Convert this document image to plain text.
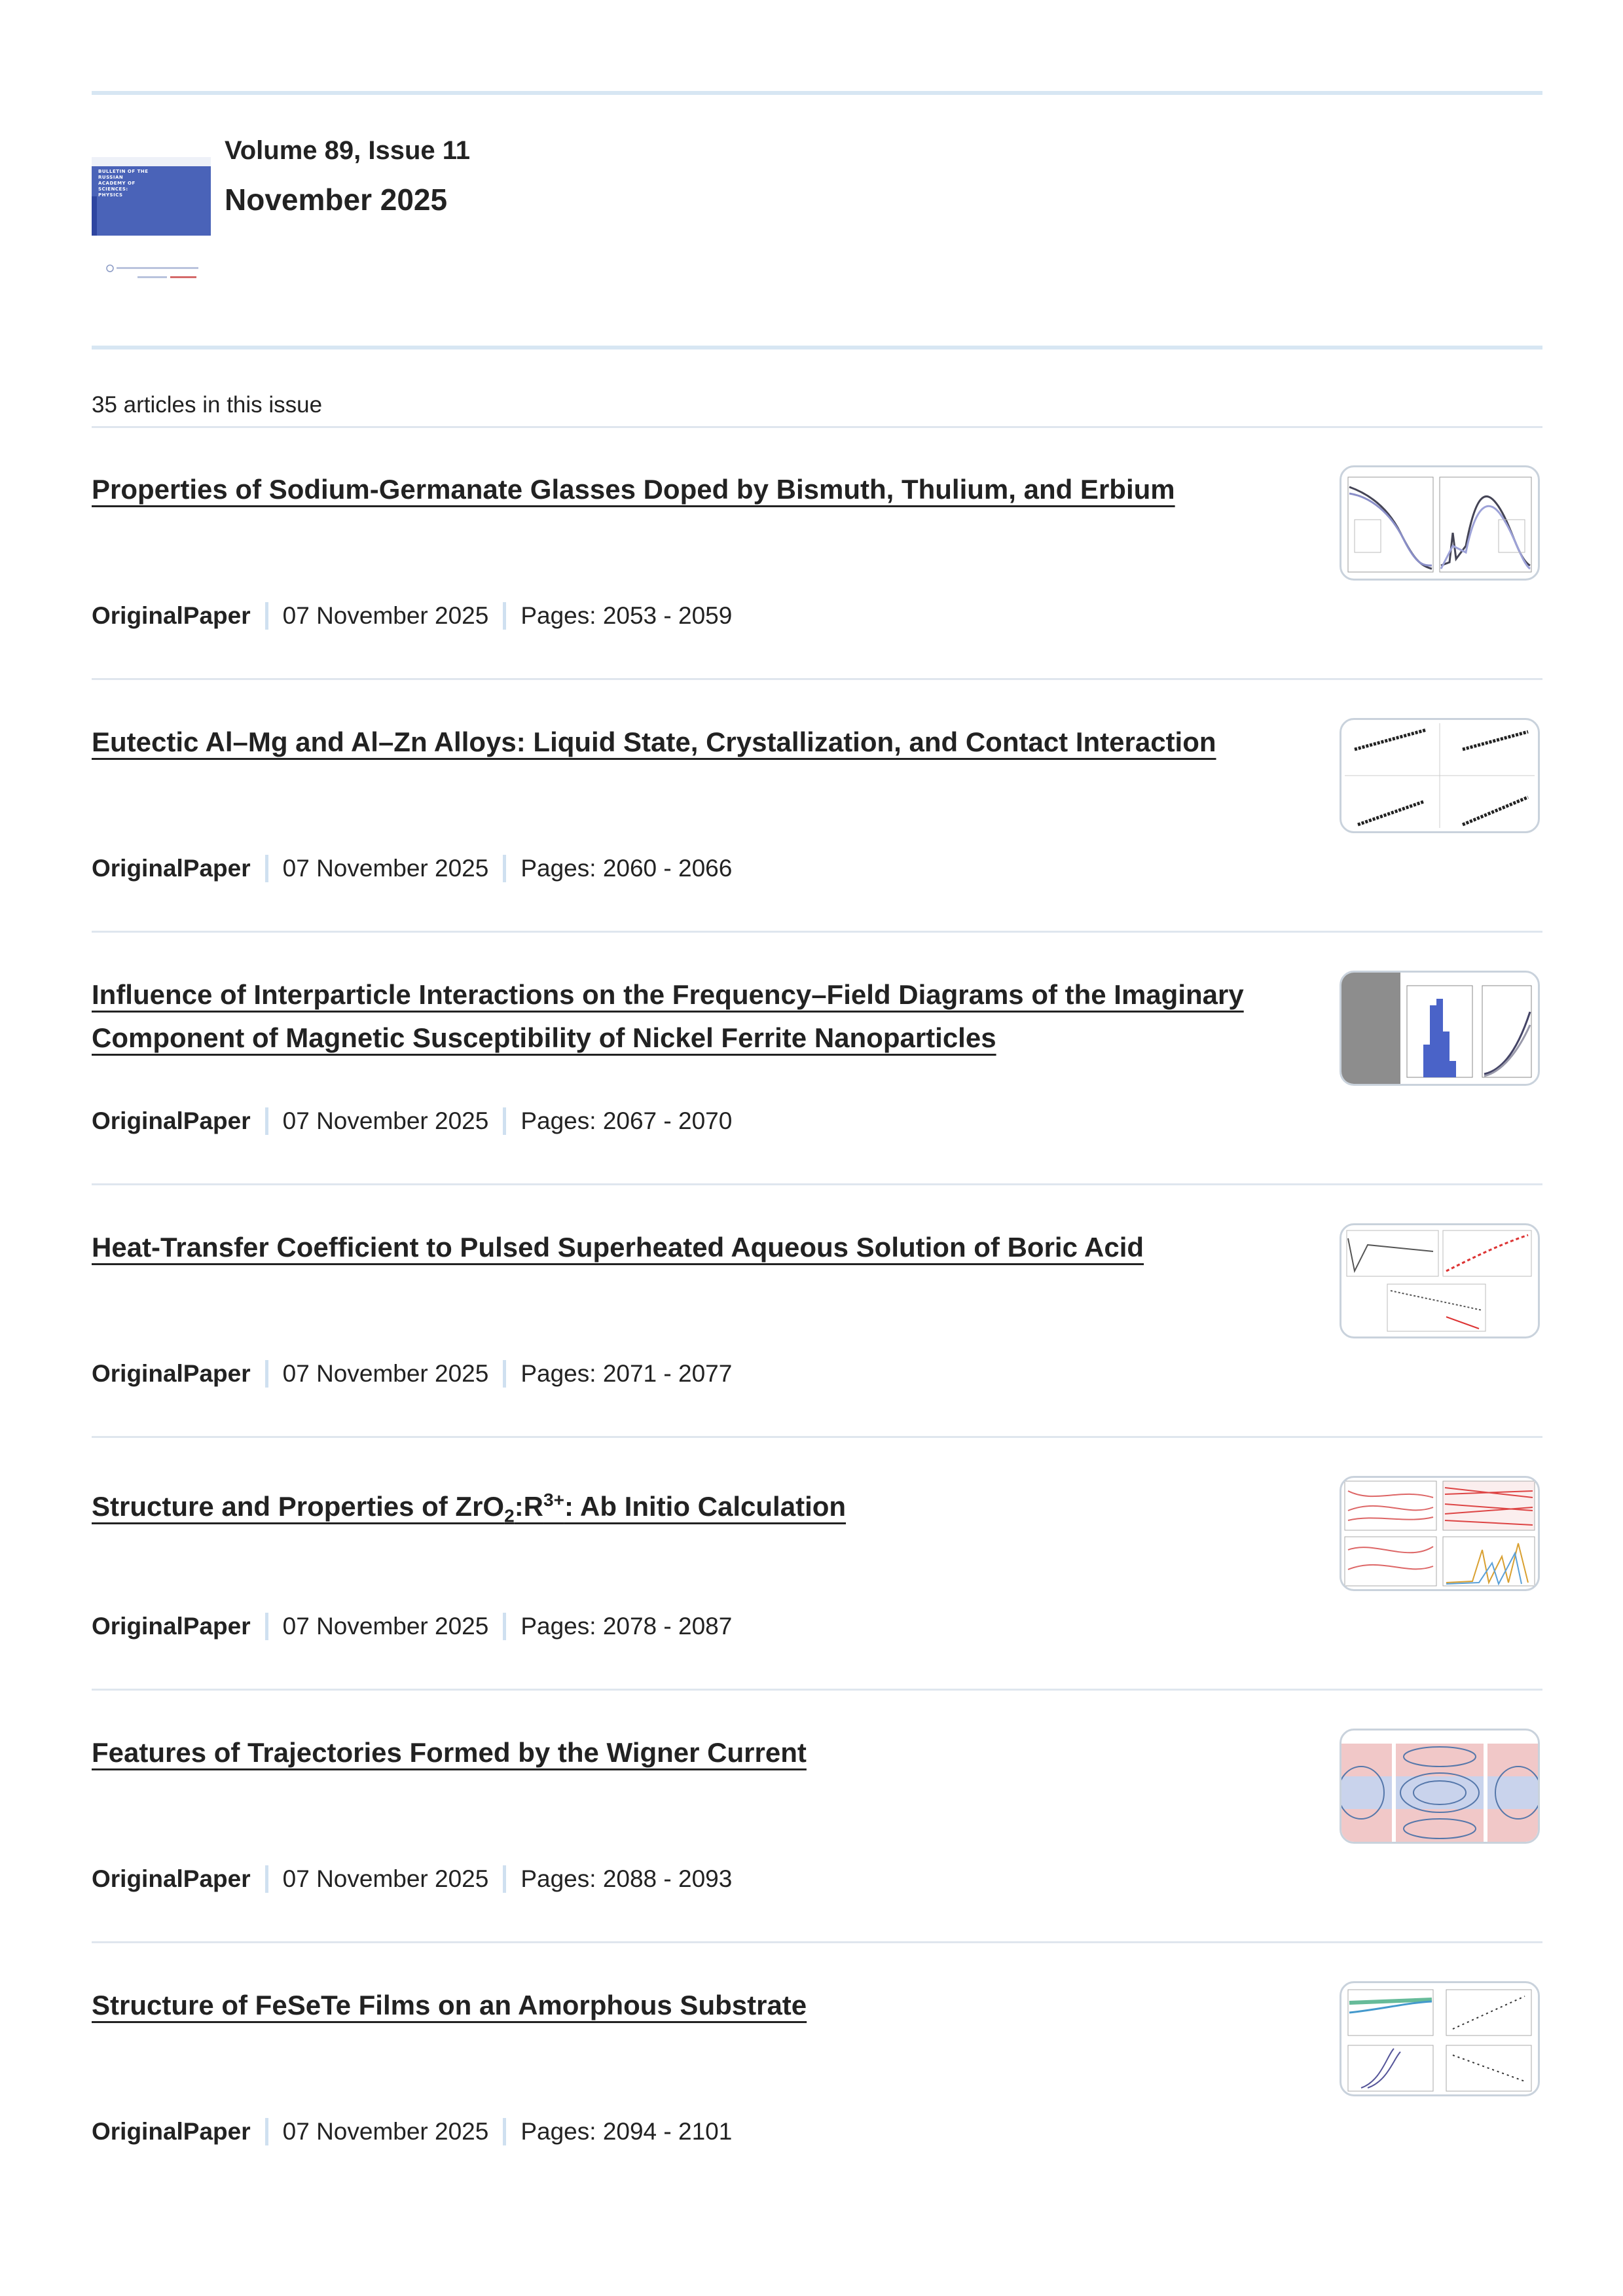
BULLETIN OF THE
RUSSIAN
ACADEMY OF
SCIENCES:
PHYSICS
Volume 89, Issue 11
November 2025
35 articles in this issue
Properties of Sodium-Germanate Glasses Doped by Bismuth, Thulium, and Erbium
OriginalPaper 07 November 2025 Pages: 2053 - 2059
Eutectic Al–Mg and Al–Zn Alloys: Liquid State, Crystallization, and Contact Interaction
OriginalPaper 07 November 2025 Pages: 2060 - 2066
Influence of Interparticle Interactions on the Frequency–Field Diagrams of the Imaginary Component of Magnetic Susceptibility of Nickel Ferrite Nanoparticles
OriginalPaper 07 November 2025 Pages: 2067 - 2070
Heat-Transfer Coefficient to Pulsed Superheated Aqueous Solution of Boric Acid
OriginalPaper 07 November 2025 Pages: 2071 - 2077
Structure and Properties of $ZrO_2:R^{3+}$: Ab Initio Calculation
OriginalPaper 07 November 2025 Pages: 2078 - 2087
Features of Trajectories Formed by the Wigner Current
OriginalPaper 07 November 2025 Pages: 2088 - 2093
Structure of FeSeTe Films on an Amorphous Substrate
OriginalPaper 07 November 2025 Pages: 2094 - 2101
